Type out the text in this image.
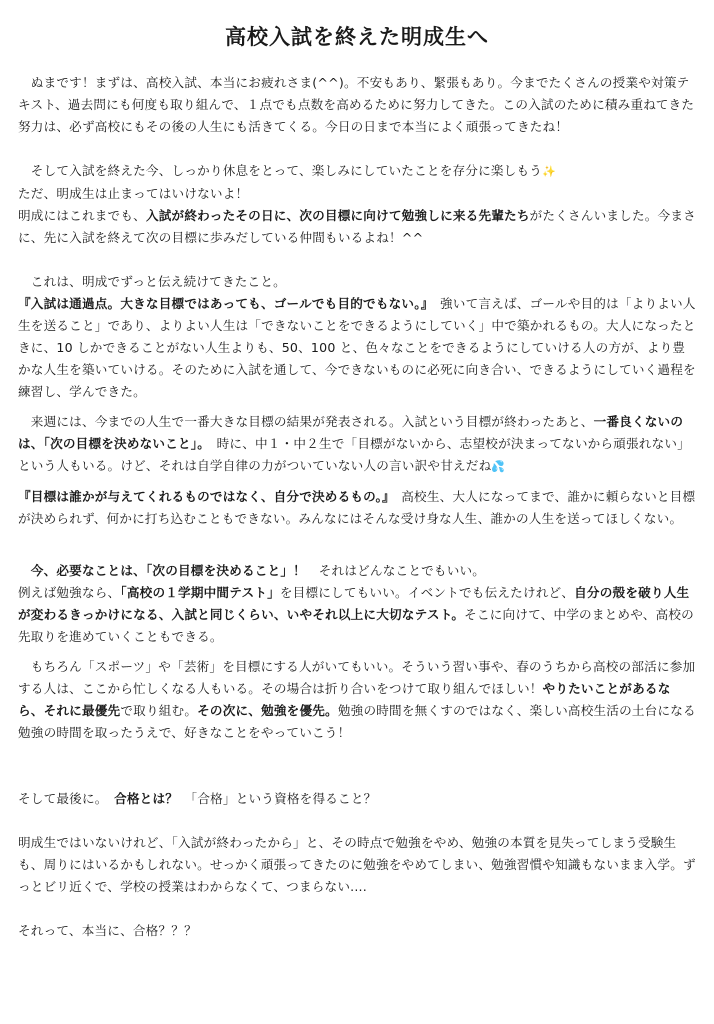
高校入試を終えた明成生へ

　ぬまです！まずは、高校入試、本当にお疲れさま(^^)。不安もあり、緊張もあり。今までたくさんの授業や対策テキスト、過去問にも何度も取り組んで、１点でも点数を高めるために努力してきた。この入試のために積み重ねてきた努力は、必ず高校にもその後の人生にも活きてくる。今日の日まで本当によく頑張ってきたね！

　そして入試を終えた今、しっかり休息をとって、楽しみにしていたことを存分に楽しもう✨

ただ、明成生は止まってはいけないよ！

明成にはこれまでも、入試が終わったその日に、次の目標に向けて勉強しに来る先輩たちがたくさんいました。今まさに、先に入試を終えて次の目標に歩みだしている仲間もいるよね！^^

　これは、明成でずっと伝え続けてきたこと。

『入試は通過点。大きな目標ではあっても、ゴールでも目的でもない。』　強いて言えば、ゴールや目的は「よりよい人生を送ること」であり、よりよい人生は「できないことをできるようにしていく」中で築かれるもの。大人になったときに、10 しかできることがない人生よりも、50、100 と、色々なことをできるようにしていける人の方が、より豊かな人生を築いていける。そのために入試を通して、今できないものに必死に向き合い、できるようにしていく過程を練習し、学んできた。

　来週には、今までの人生で一番大きな目標の結果が発表される。入試という目標が終わったあと、一番良くないのは、「次の目標を決めないこと」。　時に、中１・中２生で「目標がないから、志望校が決まってないから頑張れない」という人もいる。けど、それは自学自律の力がついていない人の言い訳や甘えだね💦

『目標は誰かが与えてくれるものではなく、自分で決めるもの。』　高校生、大人になってまで、誰かに頼らないと目標が決められず、何かに打ち込むこともできない。みんなにはそんな受け身な人生、誰かの人生を送ってほしくない。

　今、必要なことは、「次の目標を決めること」！　それはどんなことでもいい。

例えば勉強なら、「高校の１学期中間テスト」を目標にしてもいい。イベントでも伝えたけれど、自分の殻を破り人生が変わるきっかけになる、入試と同じくらい、いやそれ以上に大切なテスト。そこに向けて、中学のまとめや、高校の先取りを進めていくこともできる。

　もちろん「スポーツ」や「芸術」を目標にする人がいてもいい。そういう習い事や、春のうちから高校の部活に参加する人は、ここから忙しくなる人もいる。その場合は折り合いをつけて取り組んでほしい！やりたいことがあるなら、それに最優先で取り組む。その次に、勉強を優先。勉強の時間を無くすのではなく、楽しい高校生活の土台になる勉強の時間を取ったうえで、好きなことをやっていこう！

そして最後に。　合格とは？　「合格」という資格を得ること？

明成生ではいないけれど、「入試が終わったから」と、その時点で勉強をやめ、勉強の本質を見失ってしまう受験生も、周りにはいるかもしれない。せっかく頑張ってきたのに勉強をやめてしまい、勉強習慣や知識もないまま入学。ずっとビリ近くで、学校の授業はわからなくて、つまらない....

それって、本当に、合格？？？
